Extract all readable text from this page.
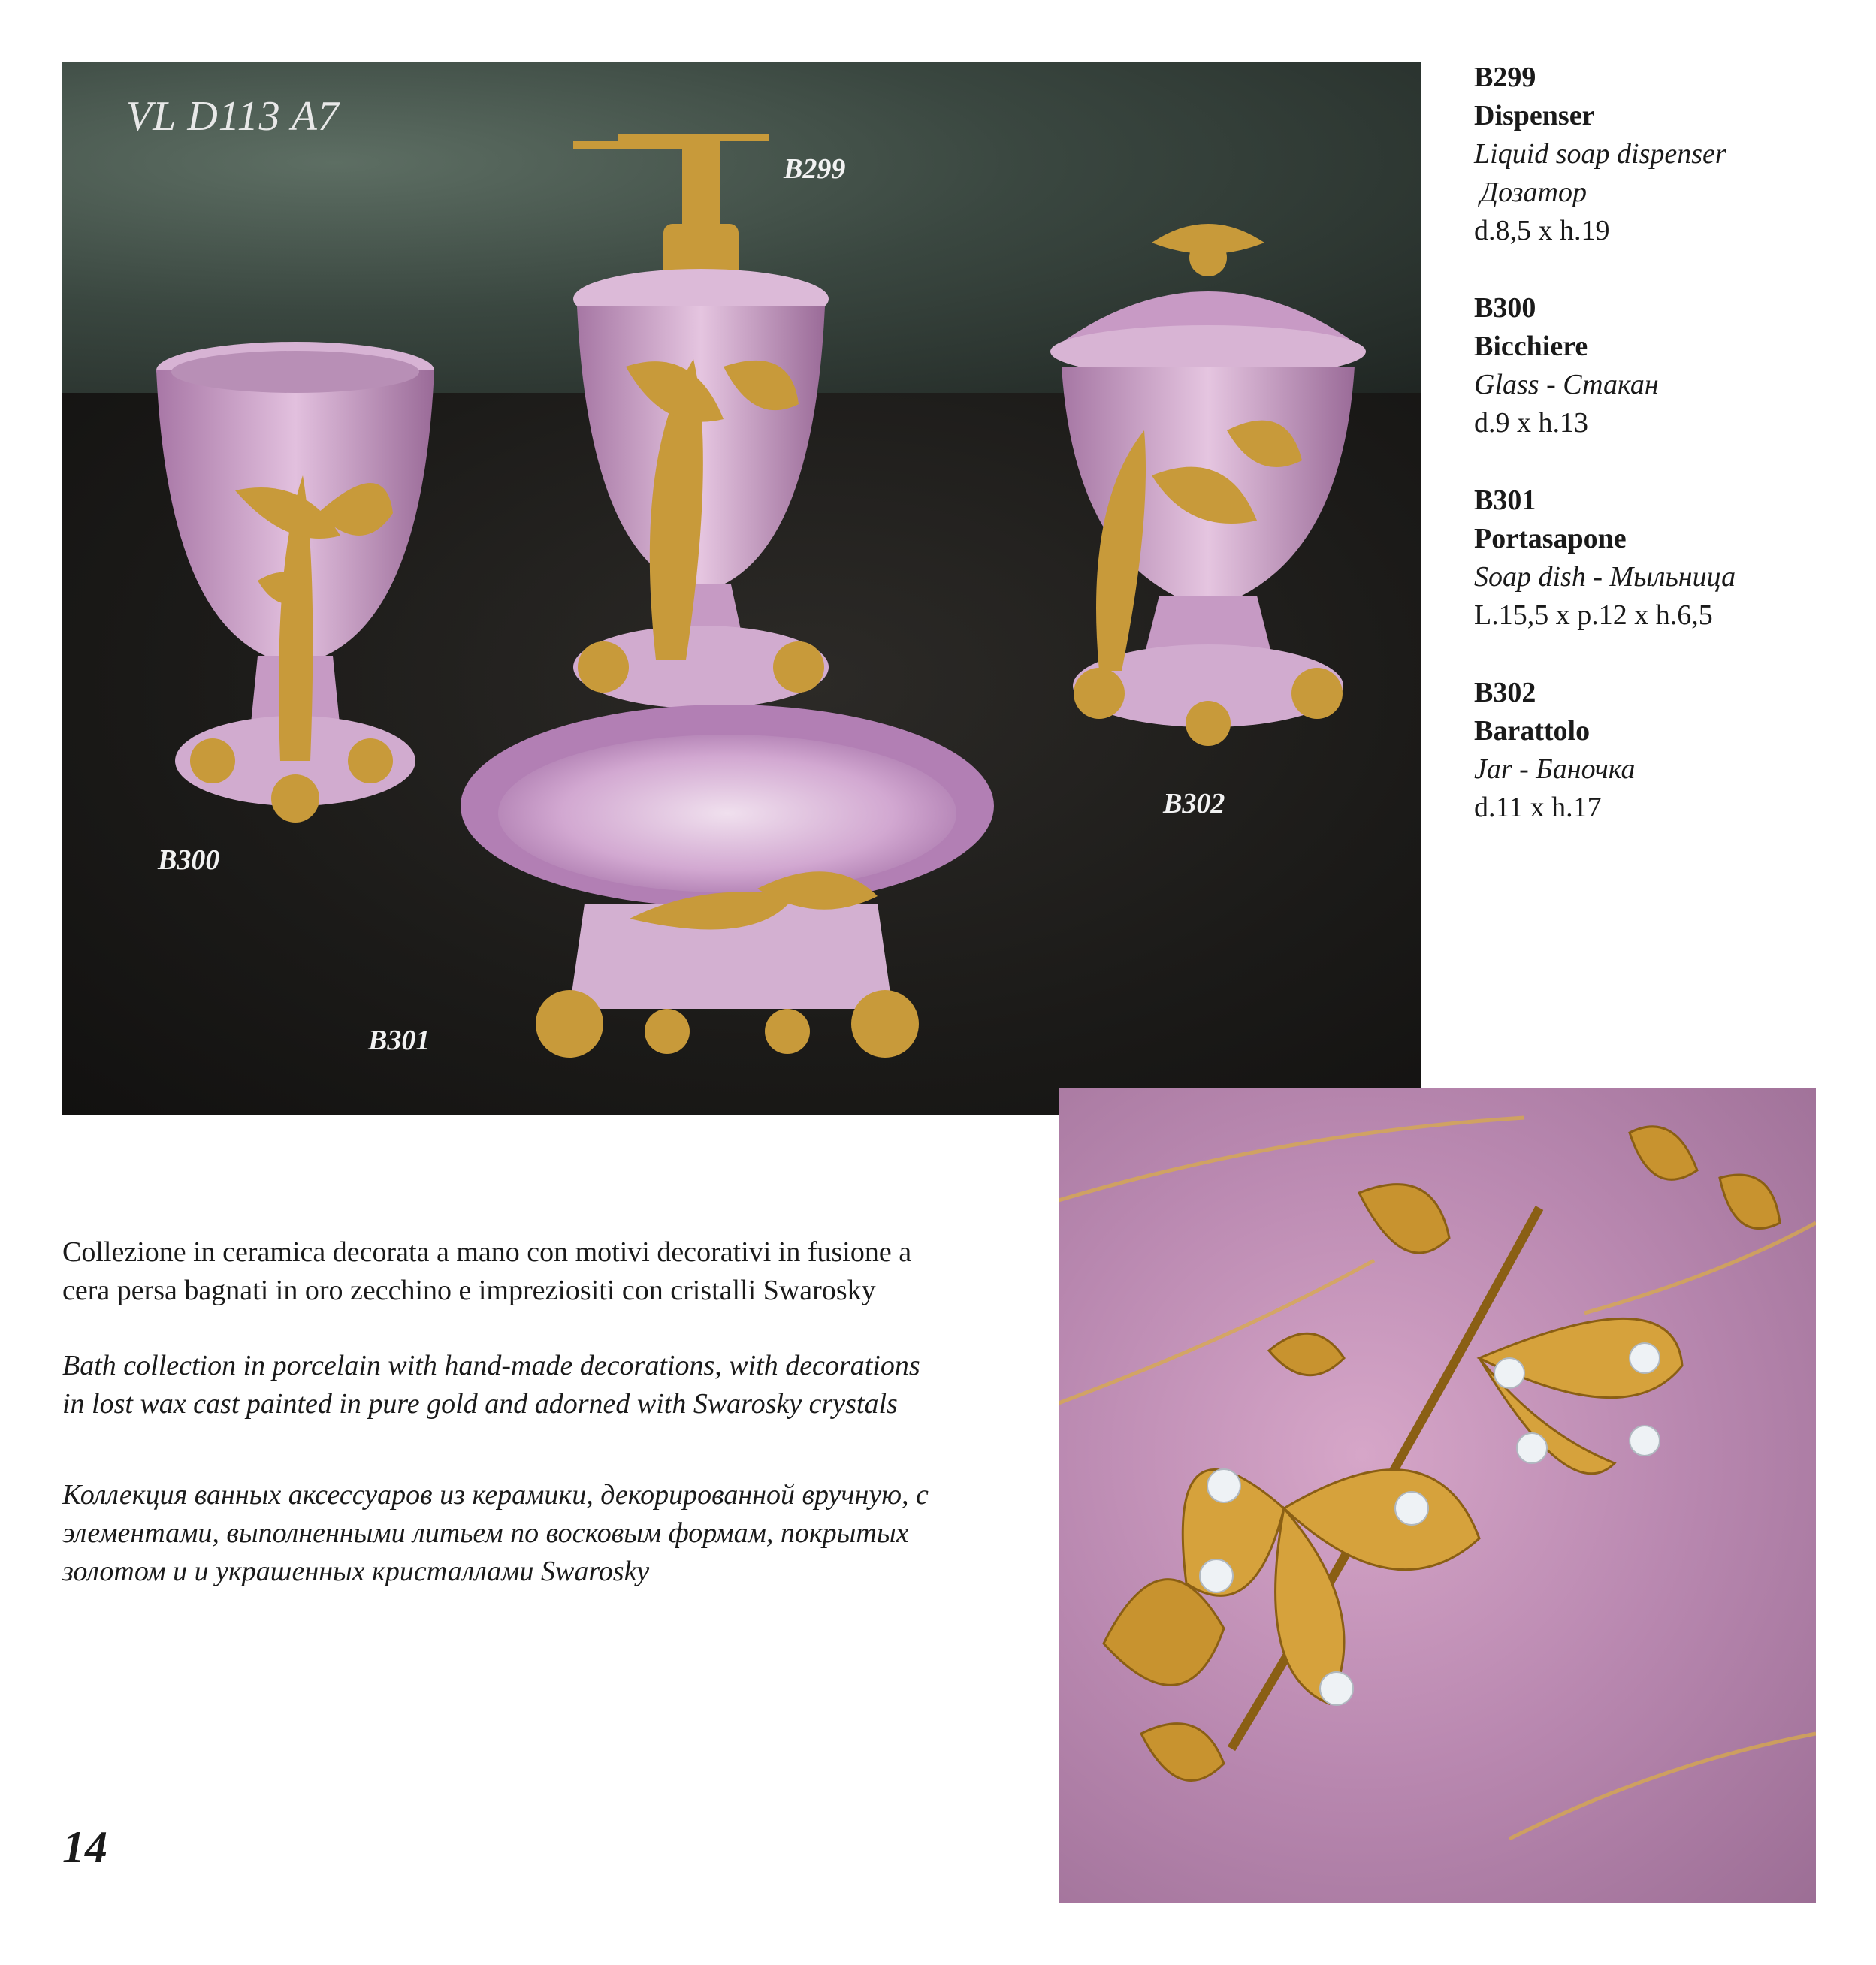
VL D113 A7
B299
B300
B301
B302
B299
Dispenser
Liquid soap dispenser
Дозатор
d.8,5 x h.19
B300
Bicchiere
Glass - Стакан
d.9 x h.13
B301
Portasapone
Soap dish - Мыльница
L.15,5 x p.12 x h.6,5
B302
Barattolo
Jar - Баночка
d.11 x h.17

Collezione in ceramica decorata a mano con motivi decorativi in fusione a cera persa bagnati in oro zecchino e impreziositi con cristalli Swarosky

Bath collection in porcelain with hand-made decorations, with decorations in lost wax cast painted in pure gold and adorned with Swarosky crystals

Коллекция ванных аксессуаров из керамики, декорированной вручную, с элементами, выполненными литьем по восковым формам, покрытых золотом и и украшенных кристаллами Swarosky

14
